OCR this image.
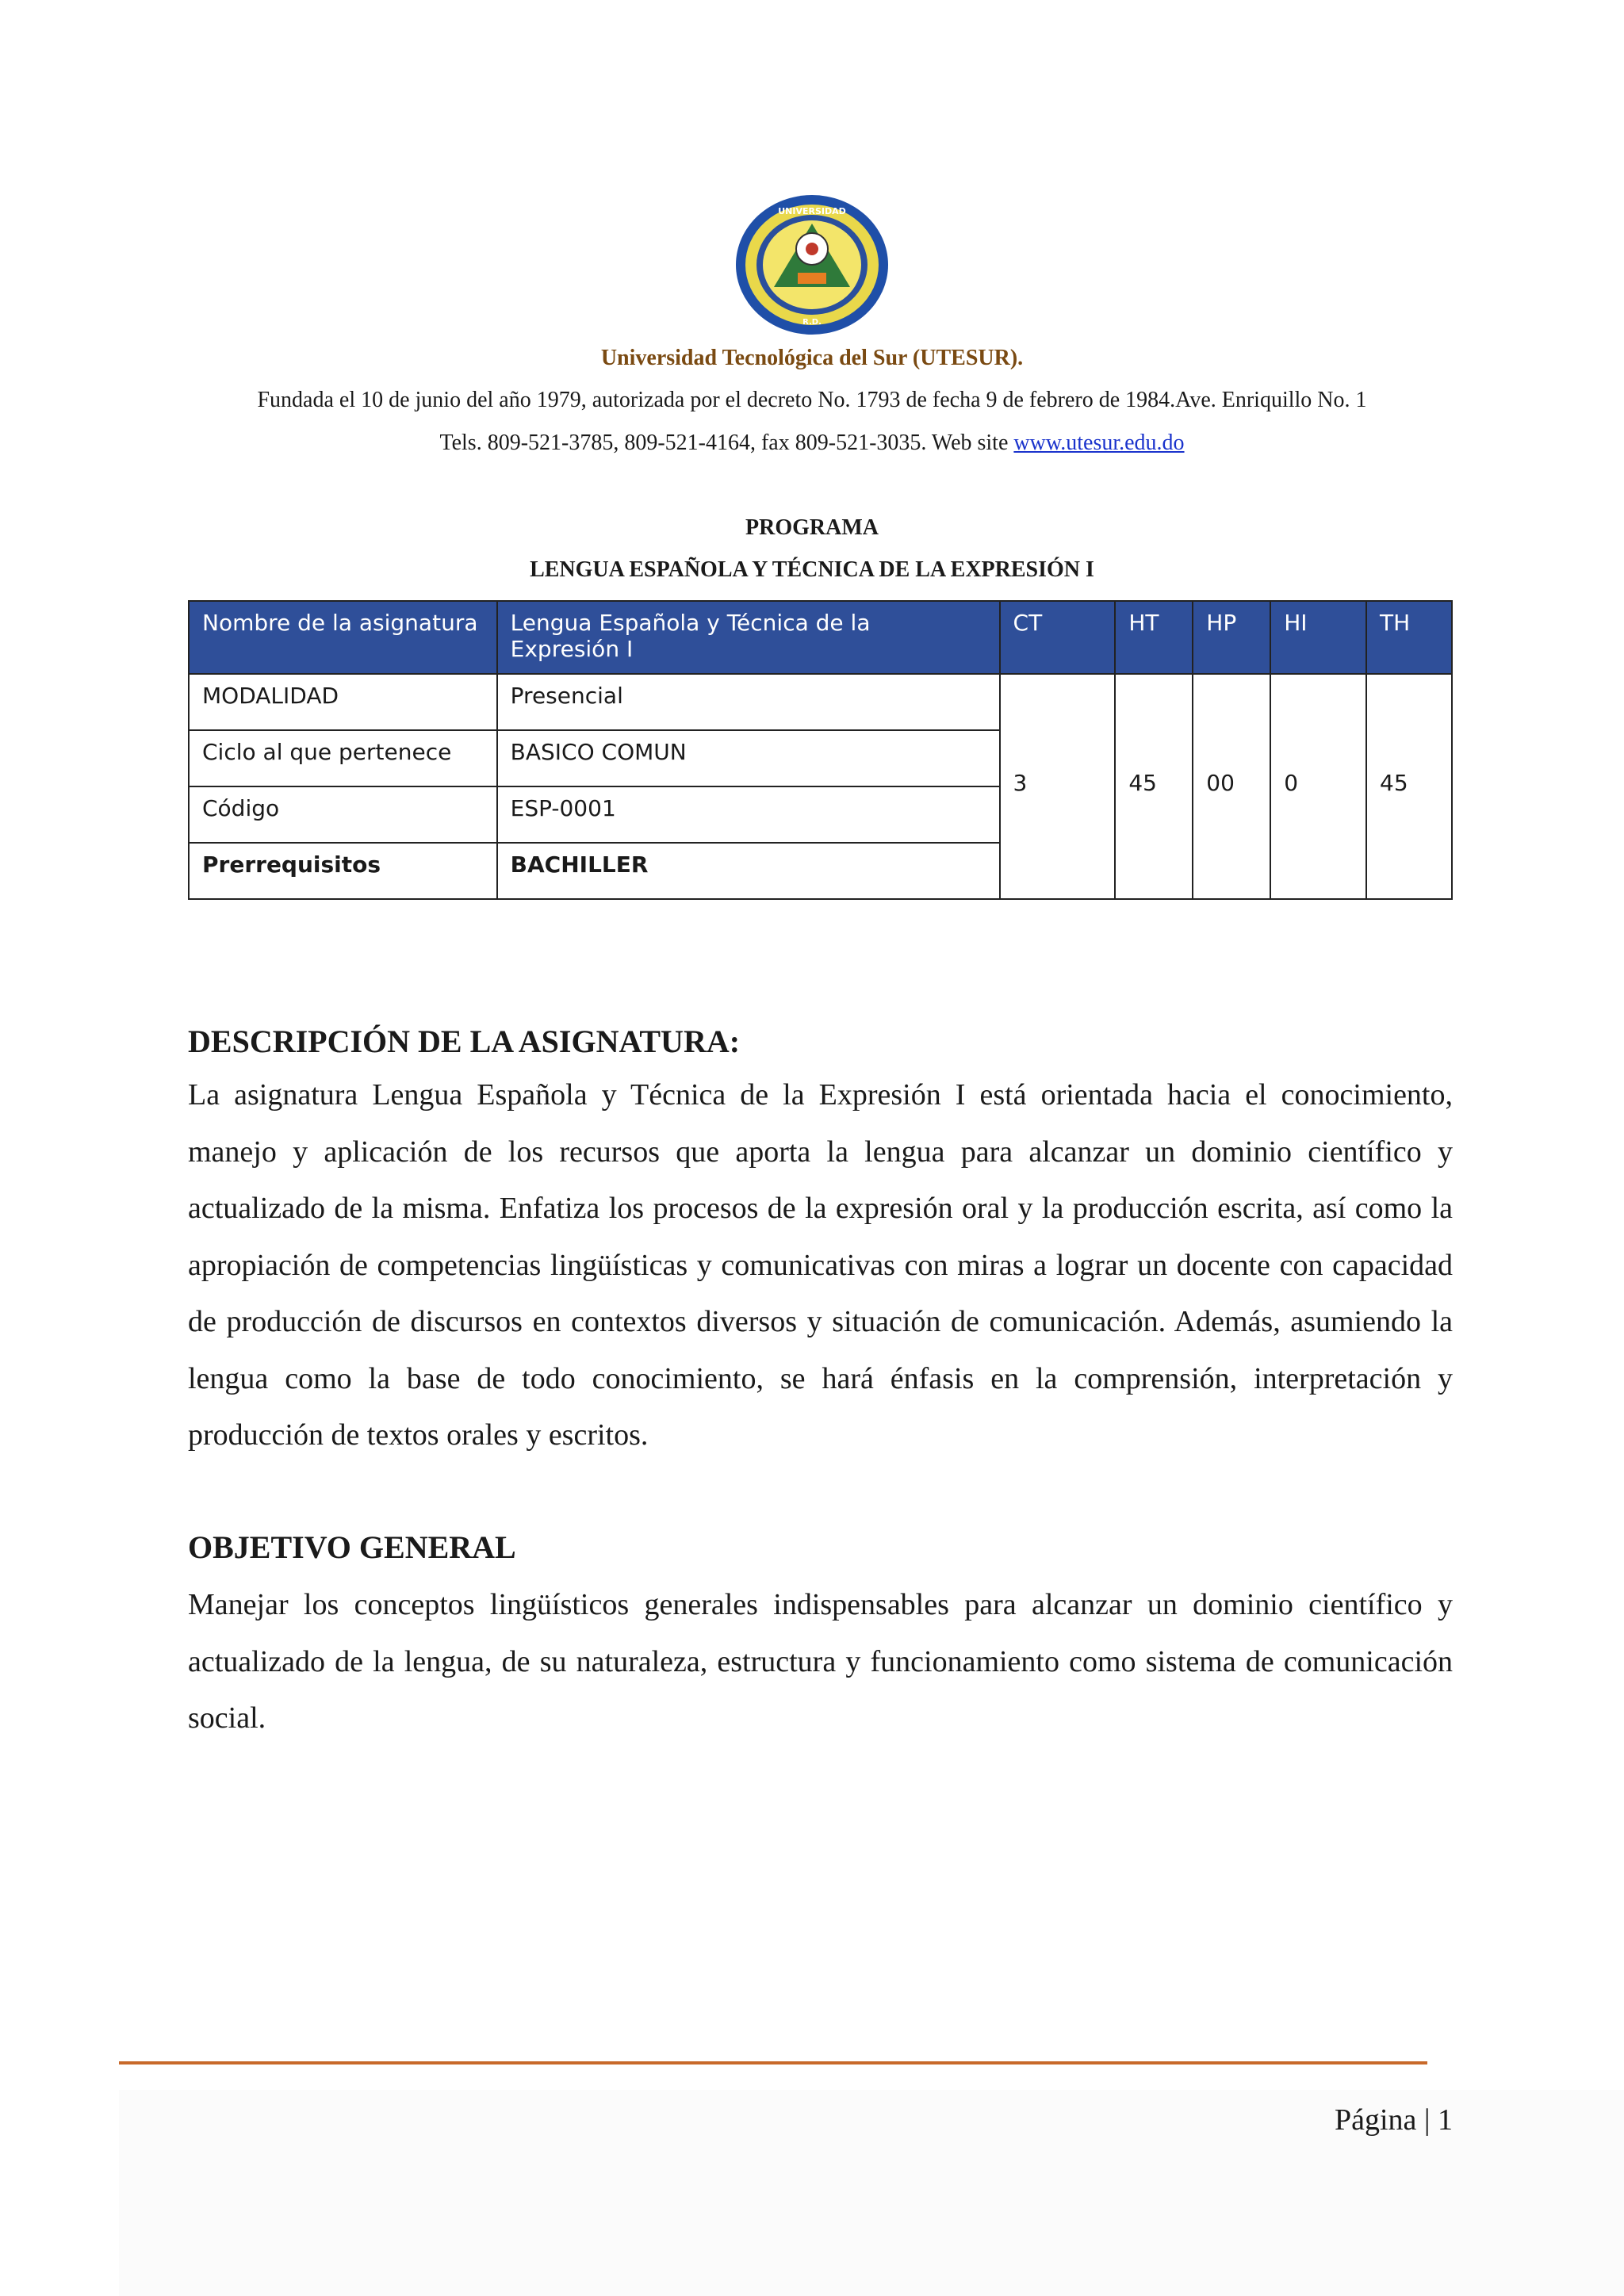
UNIVERSIDAD
R.D.
Universidad Tecnológica del Sur (UTESUR).
Fundada el 10 de junio del año 1979, autorizada por el decreto No. 1793 de fecha 9 de febrero de 1984.Ave. Enriquillo No. 1
Tels. 809-521-3785, 809-521-4164, fax 809-521-3035. Web site www.utesur.edu.do
PROGRAMA
LENGUA ESPAÑOLA Y TÉCNICA DE LA EXPRESIÓN I
Nombre de la asignatura	Lengua Española y Técnica de la Expresión I	CT	HT	HP	HI	TH
MODALIDAD	Presencial	3	45	00	0	45
Ciclo al que pertenece	BASICO COMUN					
Código	ESP-0001					
Prerrequisitos	BACHILLER					
DESCRIPCIÓN DE LA ASIGNATURA:
La asignatura Lengua Española y Técnica de la Expresión I está orientada hacia el conocimiento, manejo y aplicación de los recursos que aporta la lengua para alcanzar un dominio científico y actualizado de la misma. Enfatiza los procesos de la expresión oral y la producción escrita, así como la apropiación de competencias lingüísticas y comunicativas con miras a lograr un docente con capacidad de producción de discursos en contextos diversos y situación de comunicación. Además, asumiendo la lengua como la base de todo conocimiento, se hará énfasis en la comprensión, interpretación y producción de textos orales y escritos.
OBJETIVO GENERAL
Manejar los conceptos lingüísticos generales indispensables para alcanzar un dominio científico y actualizado de la lengua, de su naturaleza, estructura y funcionamiento como sistema de comunicación social.
Página | 1
